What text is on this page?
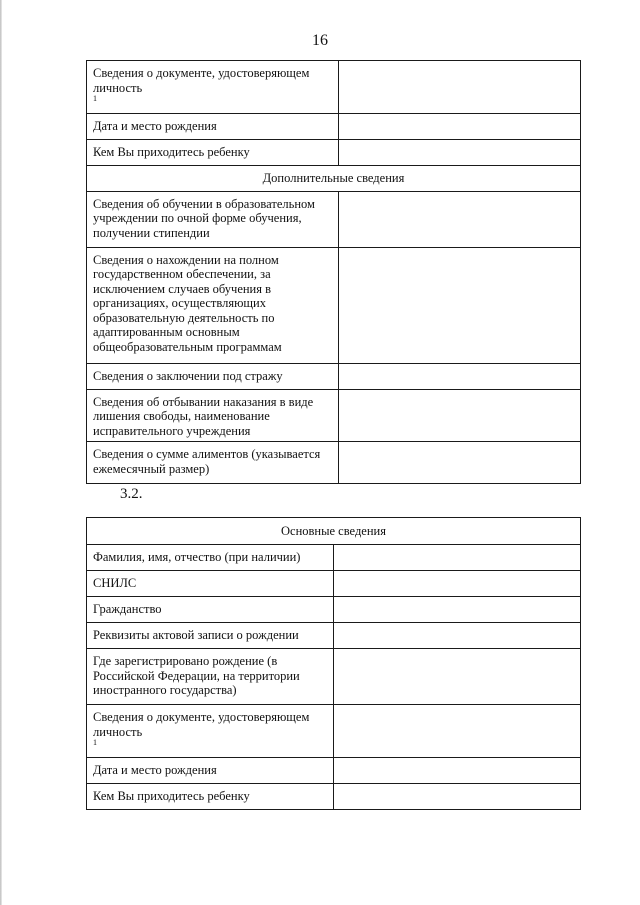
16
Сведения о документе, удостоверяющем личность
$^1$	
Дата и место рождения	
Кем Вы приходитесь ребенку	
Дополнительные сведения	
Сведения об обучении в образовательном учреждении по очной форме обучения, получении стипендии	
Сведения о нахождении на полном государственном обеспечении, за исключением случаев обучения в организациях, осуществляющих образовательную деятельность по адаптированным основным общеобразовательным программам	
Сведения о заключении под стражу	
Сведения об отбывании наказания в виде лишения свободы, наименование исправительного учреждения	
Сведения о сумме алиментов (указывается ежемесячный размер)	
3.2.
Основные сведения	
Фамилия, имя, отчество (при наличии)	
СНИЛС	
Гражданство	
Реквизиты актовой записи о рождении	
Где зарегистрировано рождение (в Российской Федерации, на территории иностранного государства)	

Сведения о документе, удостоверяющем личность
$^1$	
Дата и место рождения	
Кем Вы приходитесь ребенку	
